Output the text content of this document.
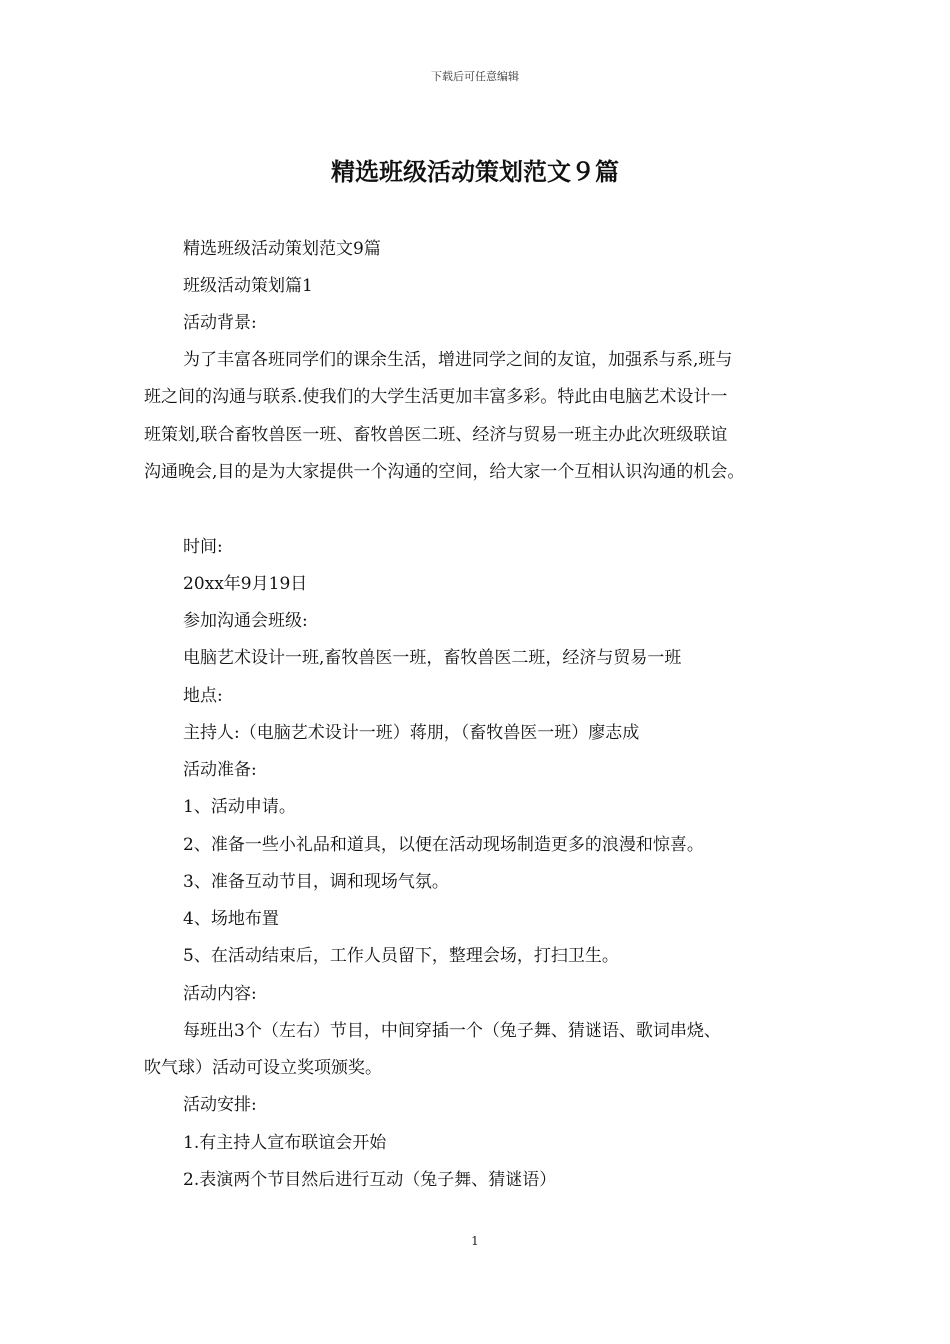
下载后可任意编辑
精选班级活动策划范文９篇

精选班级活动策划范文9篇

班级活动策划篇1

活动背景:

为了丰富各班同学们的课余生活，增进同学之间的友谊，加强系与系,班与

班之间的沟通与联系.使我们的大学生活更加丰富多彩。特此由电脑艺术设计一

班策划,联合畜牧兽医一班、畜牧兽医二班、经济与贸易一班主办此次班级联谊

沟通晚会,目的是为大家提供一个沟通的空间，给大家一个互相认识沟通的机会。

时间:

20xx年9月19日

参加沟通会班级:

电脑艺术设计一班,畜牧兽医一班，畜牧兽医二班，经济与贸易一班

地点:

主持人:（电脑艺术设计一班）蒋朋，（畜牧兽医一班）廖志成

活动准备:

1、活动申请。

2、准备一些小礼品和道具，以便在活动现场制造更多的浪漫和惊喜。

3、准备互动节目，调和现场气氛。

4、场地布置

5、在活动结束后，工作人员留下，整理会场，打扫卫生。

活动内容:

每班出3个（左右）节目，中间穿插一个（兔子舞、猜谜语、歌词串烧、

吹气球）活动可设立奖项颁奖。

活动安排:

1.有主持人宣布联谊会开始

2.表演两个节目然后进行互动（兔子舞、猜谜语）

1
